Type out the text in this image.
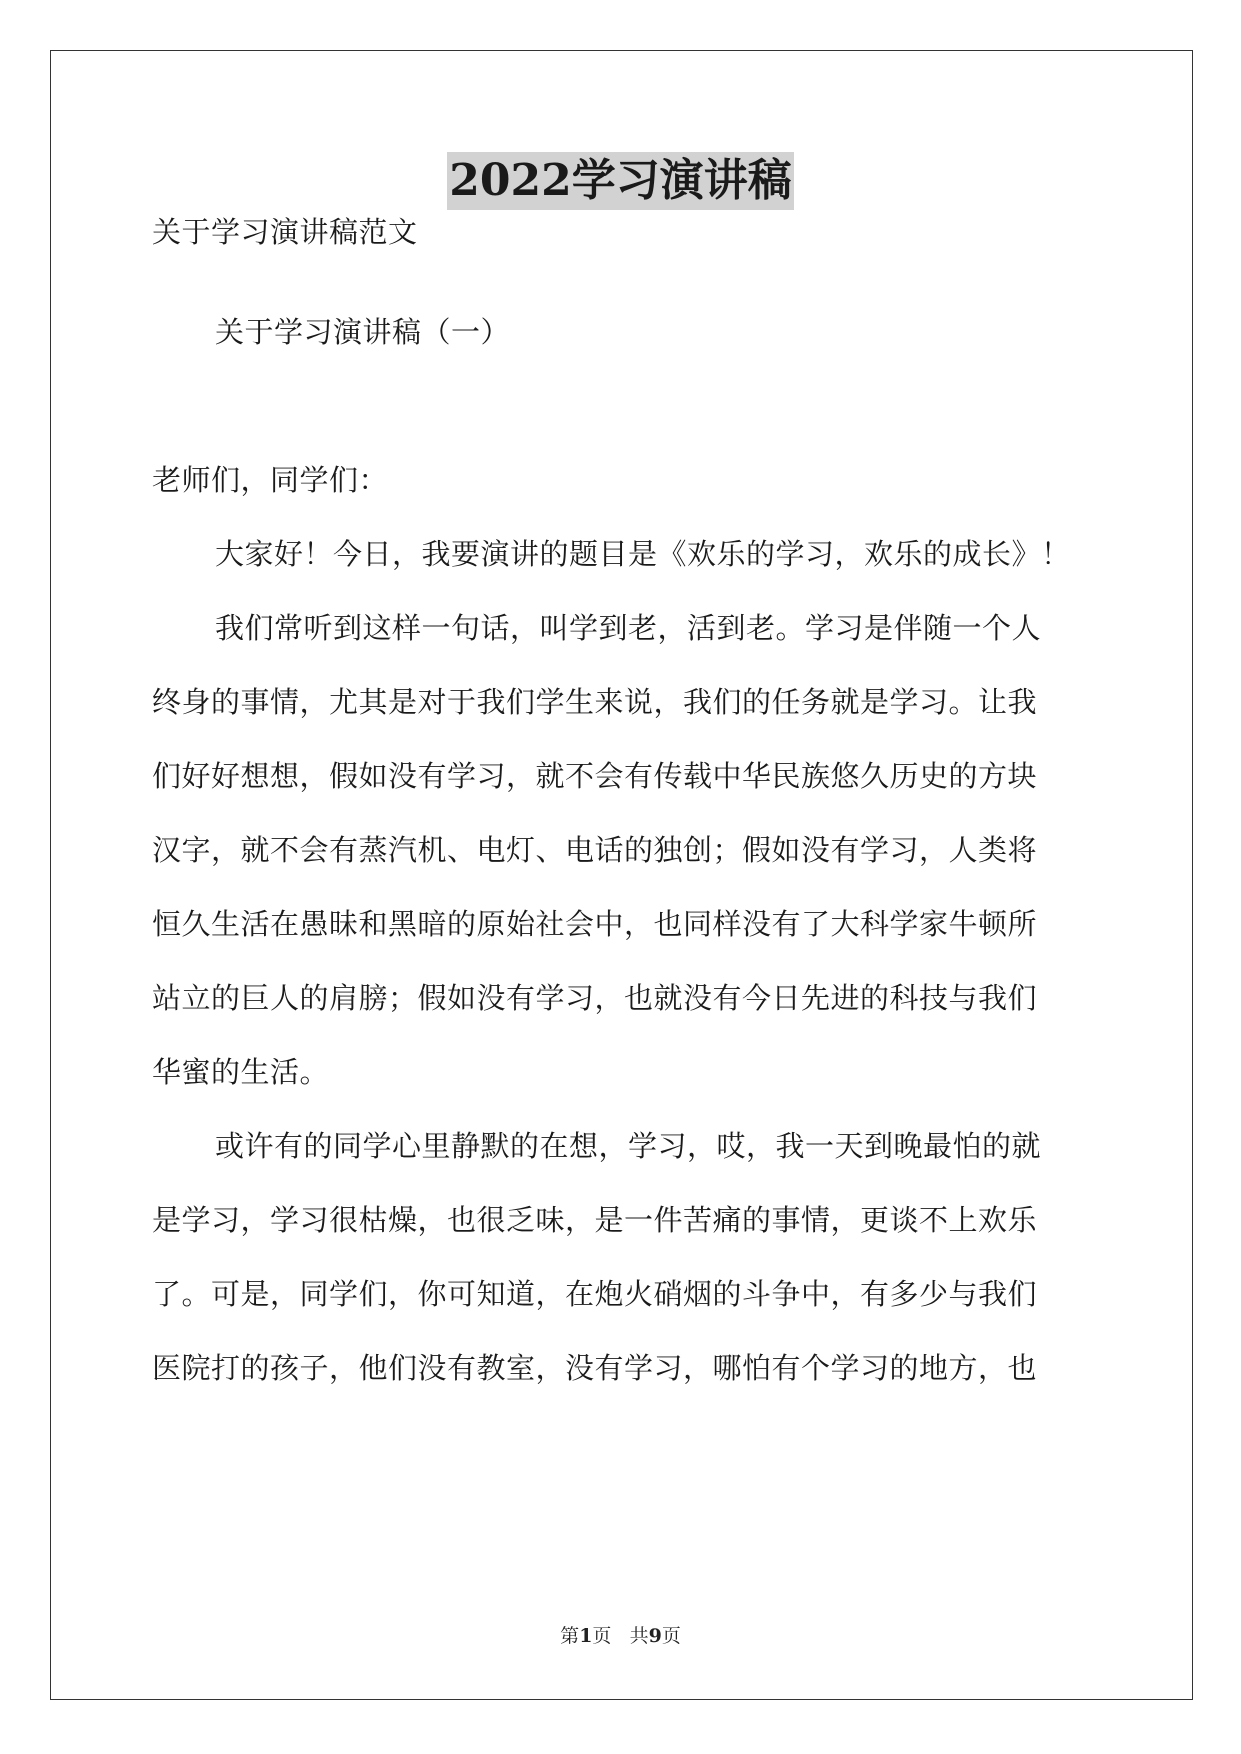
2022学习演讲稿
关于学习演讲稿范文
关于学习演讲稿（一）
老师们，同学们：
大家好！今日，我要演讲的题目是《欢乐的学习，欢乐的成长》！
我们常听到这样一句话，叫学到老，活到老。学习是伴随一个人
终身的事情，尤其是对于我们学生来说，我们的任务就是学习。让我
们好好想想，假如没有学习，就不会有传载中华民族悠久历史的方块
汉字，就不会有蒸汽机、电灯、电话的独创；假如没有学习，人类将
恒久生活在愚昧和黑暗的原始社会中，也同样没有了大科学家牛顿所
站立的巨人的肩膀；假如没有学习，也就没有今日先进的科技与我们
华蜜的生活。
或许有的同学心里静默的在想，学习，哎，我一天到晚最怕的就
是学习，学习很枯燥，也很乏味，是一件苦痛的事情，更谈不上欢乐
了。可是，同学们，你可知道，在炮火硝烟的斗争中，有多少与我们
医院打的孩子，他们没有教室，没有学习，哪怕有个学习的地方，也
第1页 共9页
